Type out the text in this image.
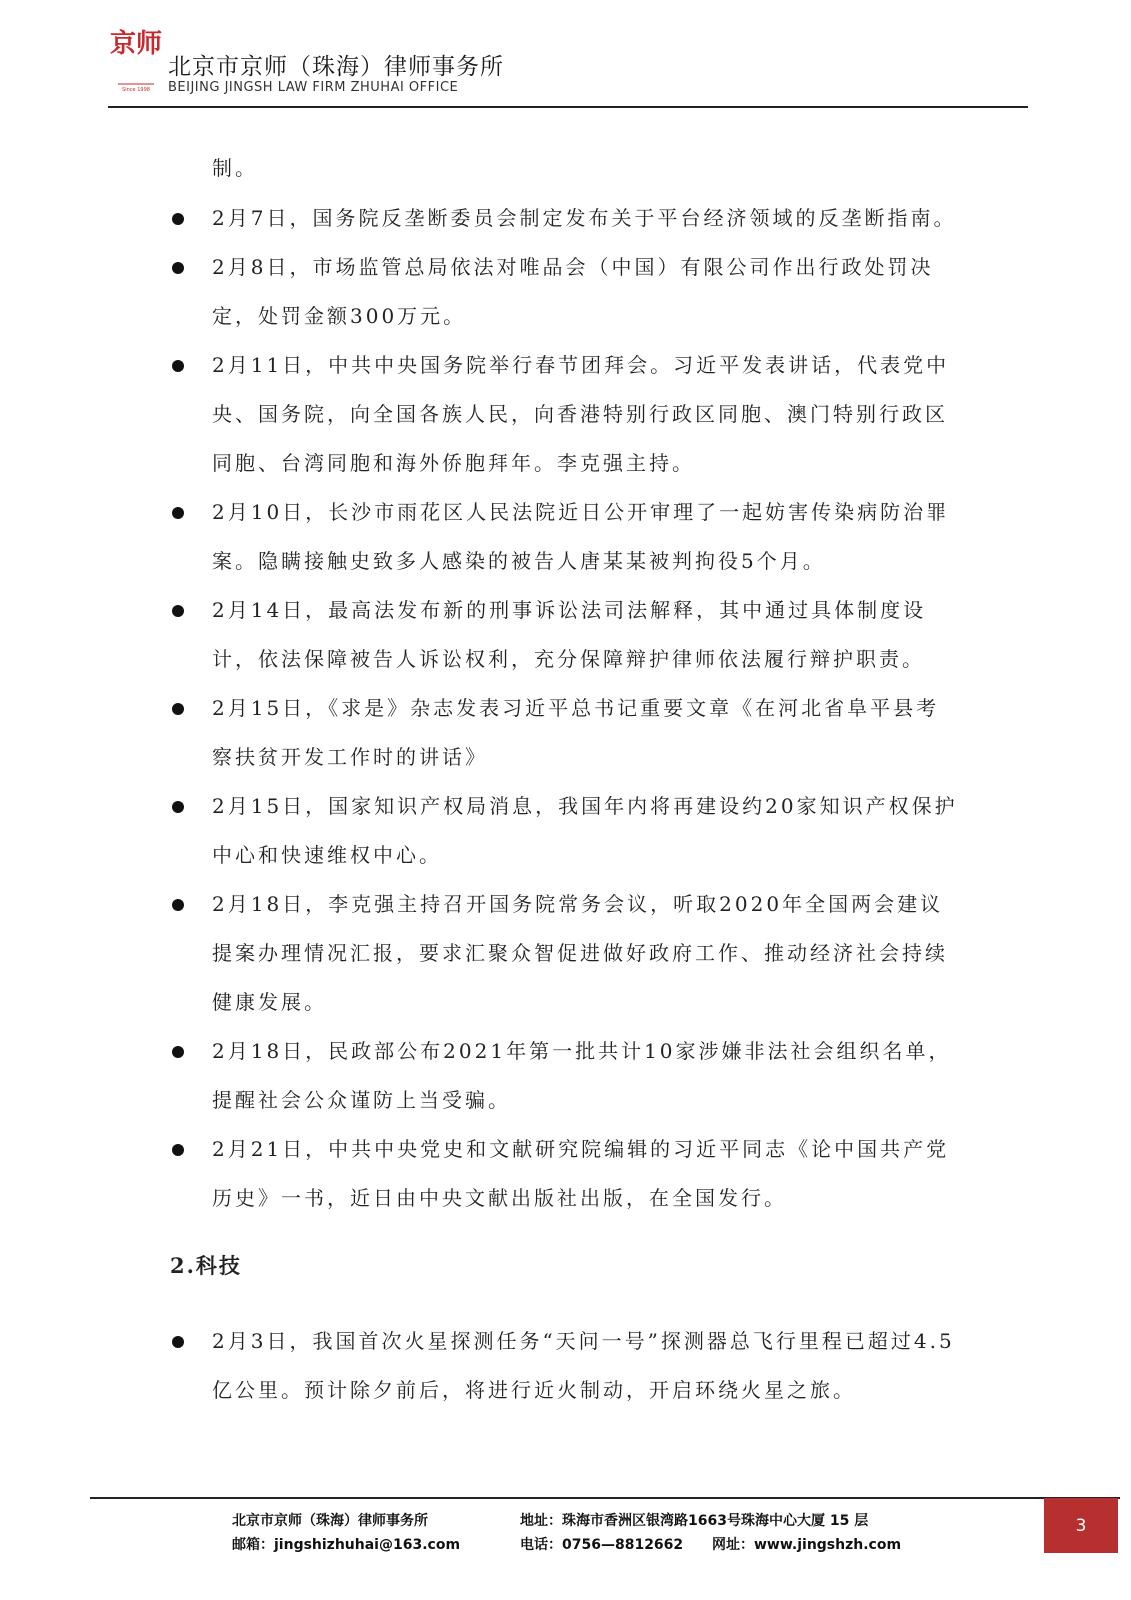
京师
Since 1998
北京市京师（珠海）律师事务所
BEIJING JINGSH LAW FIRM ZHUHAI OFFICE
制。
2月7日，国务院反垄断委员会制定发布关于平台经济领域的反垄断指南。
2月8日，市场监管总局依法对唯品会（中国）有限公司作出行政处罚决定，处罚金额300万元。
2月11日，中共中央国务院举行春节团拜会。习近平发表讲话，代表党中央、国务院，向全国各族人民，向香港特别行政区同胞、澳门特别行政区同胞、台湾同胞和海外侨胞拜年。李克强主持。
2月10日，长沙市雨花区人民法院近日公开审理了一起妨害传染病防治罪案。隐瞒接触史致多人感染的被告人唐某某被判拘役5个月。
2月14日，最高法发布新的刑事诉讼法司法解释，其中通过具体制度设计，依法保障被告人诉讼权利，充分保障辩护律师依法履行辩护职责。
2月15日，《求是》杂志发表习近平总书记重要文章《在河北省阜平县考察扶贫开发工作时的讲话》
2月15日，国家知识产权局消息，我国年内将再建设约20家知识产权保护中心和快速维权中心。
2月18日，李克强主持召开国务院常务会议，听取2020年全国两会建议提案办理情况汇报，要求汇聚众智促进做好政府工作、推动经济社会持续健康发展。
2月18日，民政部公布2021年第一批共计10家涉嫌非法社会组织名单，提醒社会公众谨防上当受骗。
2月21日，中共中央党史和文献研究院编辑的习近平同志《论中国共产党历史》一书，近日由中央文献出版社出版，在全国发行。
2.科技
2月3日，我国首次火星探测任务“天问一号”探测器总飞行里程已超过4.5亿公里。预计除夕前后，将进行近火制动，开启环绕火星之旅。
北京市京师（珠海）律师事务所	地址：珠海市香洲区银湾路1663号珠海中心大厦 15 层
邮箱：jingshizhuhai@163.com	电话：0756—8812662 网址：www.jingshzh.com
3
